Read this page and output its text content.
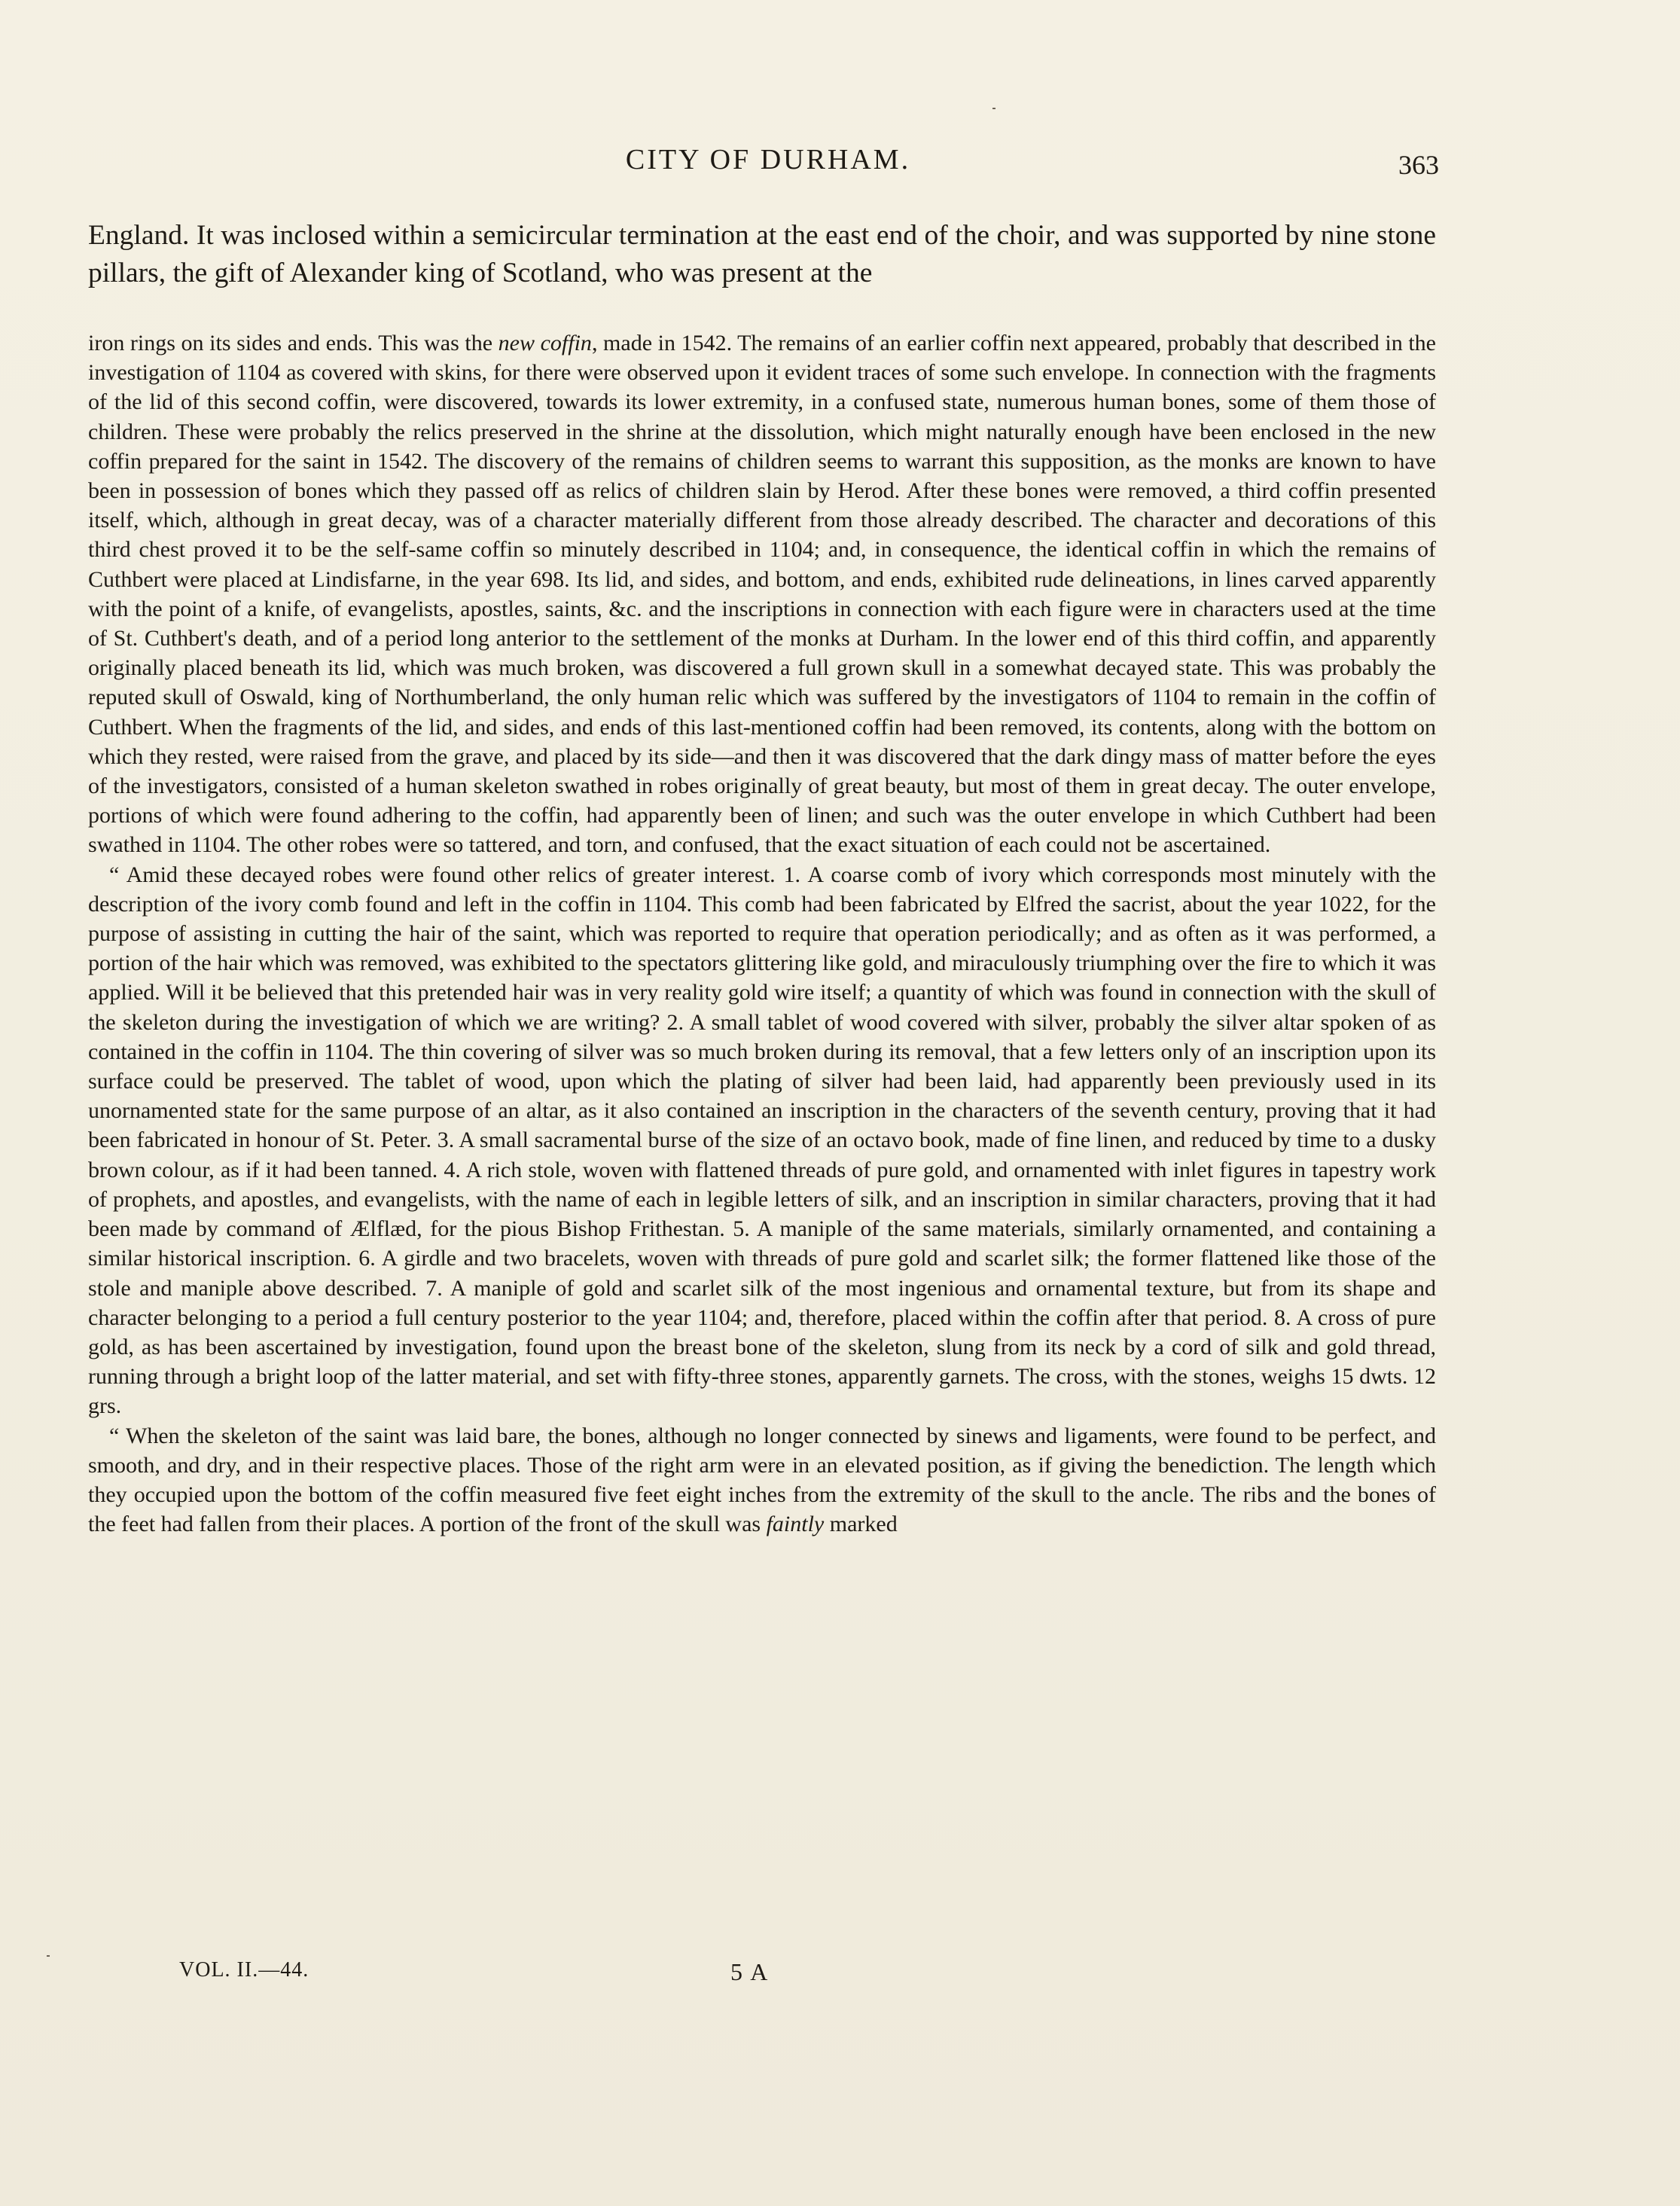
CITY OF DURHAM.	363

England. It was inclosed within a semicircular termination at the east end of the choir, and was supported by nine stone pillars, the gift of Alexander king of Scotland, who was present at the

iron rings on its sides and ends. This was the new coffin, made in 1542. The remains of an earlier coffin next appeared, probably that described in the investigation of 1104 as covered with skins, for there were observed upon it evident traces of some such envelope. In connection with the fragments of the lid of this second coffin, were discovered, towards its lower extremity, in a confused state, numerous human bones, some of them those of children. These were probably the relics preserved in the shrine at the dissolution, which might naturally enough have been enclosed in the new coffin prepared for the saint in 1542. The discovery of the remains of children seems to warrant this supposition, as the monks are known to have been in possession of bones which they passed off as relics of children slain by Herod. After these bones were removed, a third coffin presented itself, which, although in great decay, was of a character materially different from those already described. The character and decorations of this third chest proved it to be the self-same coffin so minutely described in 1104; and, in consequence, the identical coffin in which the remains of Cuthbert were placed at Lindisfarne, in the year 698. Its lid, and sides, and bottom, and ends, exhibited rude delineations, in lines carved apparently with the point of a knife, of evangelists, apostles, saints, &c. and the inscriptions in connection with each figure were in characters used at the time of St. Cuthbert's death, and of a period long anterior to the settlement of the monks at Durham. In the lower end of this third coffin, and apparently originally placed beneath its lid, which was much broken, was discovered a full grown skull in a somewhat decayed state. This was probably the reputed skull of Oswald, king of Northumberland, the only human relic which was suffered by the investigators of 1104 to remain in the coffin of Cuthbert. When the fragments of the lid, and sides, and ends of this last-mentioned coffin had been removed, its contents, along with the bottom on which they rested, were raised from the grave, and placed by its side—and then it was discovered that the dark dingy mass of matter before the eyes of the investigators, consisted of a human skeleton swathed in robes originally of great beauty, but most of them in great decay. The outer envelope, portions of which were found adhering to the coffin, had apparently been of linen; and such was the outer envelope in which Cuthbert had been swathed in 1104. The other robes were so tattered, and torn, and confused, that the exact situation of each could not be ascertained.

“ Amid these decayed robes were found other relics of greater interest. 1. A coarse comb of ivory which corresponds most minutely with the description of the ivory comb found and left in the coffin in 1104. This comb had been fabricated by Elfred the sacrist, about the year 1022, for the purpose of assisting in cutting the hair of the saint, which was reported to require that operation periodically; and as often as it was performed, a portion of the hair which was removed, was exhibited to the spectators glittering like gold, and miraculously triumphing over the fire to which it was applied. Will it be believed that this pretended hair was in very reality gold wire itself; a quantity of which was found in connection with the skull of the skeleton during the investigation of which we are writing? 2. A small tablet of wood covered with silver, probably the silver altar spoken of as contained in the coffin in 1104. The thin covering of silver was so much broken during its removal, that a few letters only of an inscription upon its surface could be preserved. The tablet of wood, upon which the plating of silver had been laid, had apparently been previously used in its unornamented state for the same purpose of an altar, as it also contained an inscription in the characters of the seventh century, proving that it had been fabricated in honour of St. Peter. 3. A small sacramental burse of the size of an octavo book, made of fine linen, and reduced by time to a dusky brown colour, as if it had been tanned. 4. A rich stole, woven with flattened threads of pure gold, and ornamented with inlet figures in tapestry work of prophets, and apostles, and evangelists, with the name of each in legible letters of silk, and an inscription in similar characters, proving that it had been made by command of Ælflæd, for the pious Bishop Frithestan. 5. A maniple of the same materials, similarly ornamented, and containing a similar historical inscription. 6. A girdle and two bracelets, woven with threads of pure gold and scarlet silk; the former flattened like those of the stole and maniple above described. 7. A maniple of gold and scarlet silk of the most ingenious and ornamental texture, but from its shape and character belonging to a period a full century posterior to the year 1104; and, therefore, placed within the coffin after that period. 8. A cross of pure gold, as has been ascertained by investigation, found upon the breast bone of the skeleton, slung from its neck by a cord of silk and gold thread, running through a bright loop of the latter material, and set with fifty-three stones, apparently garnets. The cross, with the stones, weighs 15 dwts. 12 grs.

“ When the skeleton of the saint was laid bare, the bones, although no longer connected by sinews and ligaments, were found to be perfect, and smooth, and dry, and in their respective places. Those of the right arm were in an elevated position, as if giving the benediction. The length which they occupied upon the bottom of the coffin measured five feet eight inches from the extremity of the skull to the ancle. The ribs and the bones of the feet had fallen from their places. A portion of the front of the skull was faintly marked

VOL. II.—44.	5 A
